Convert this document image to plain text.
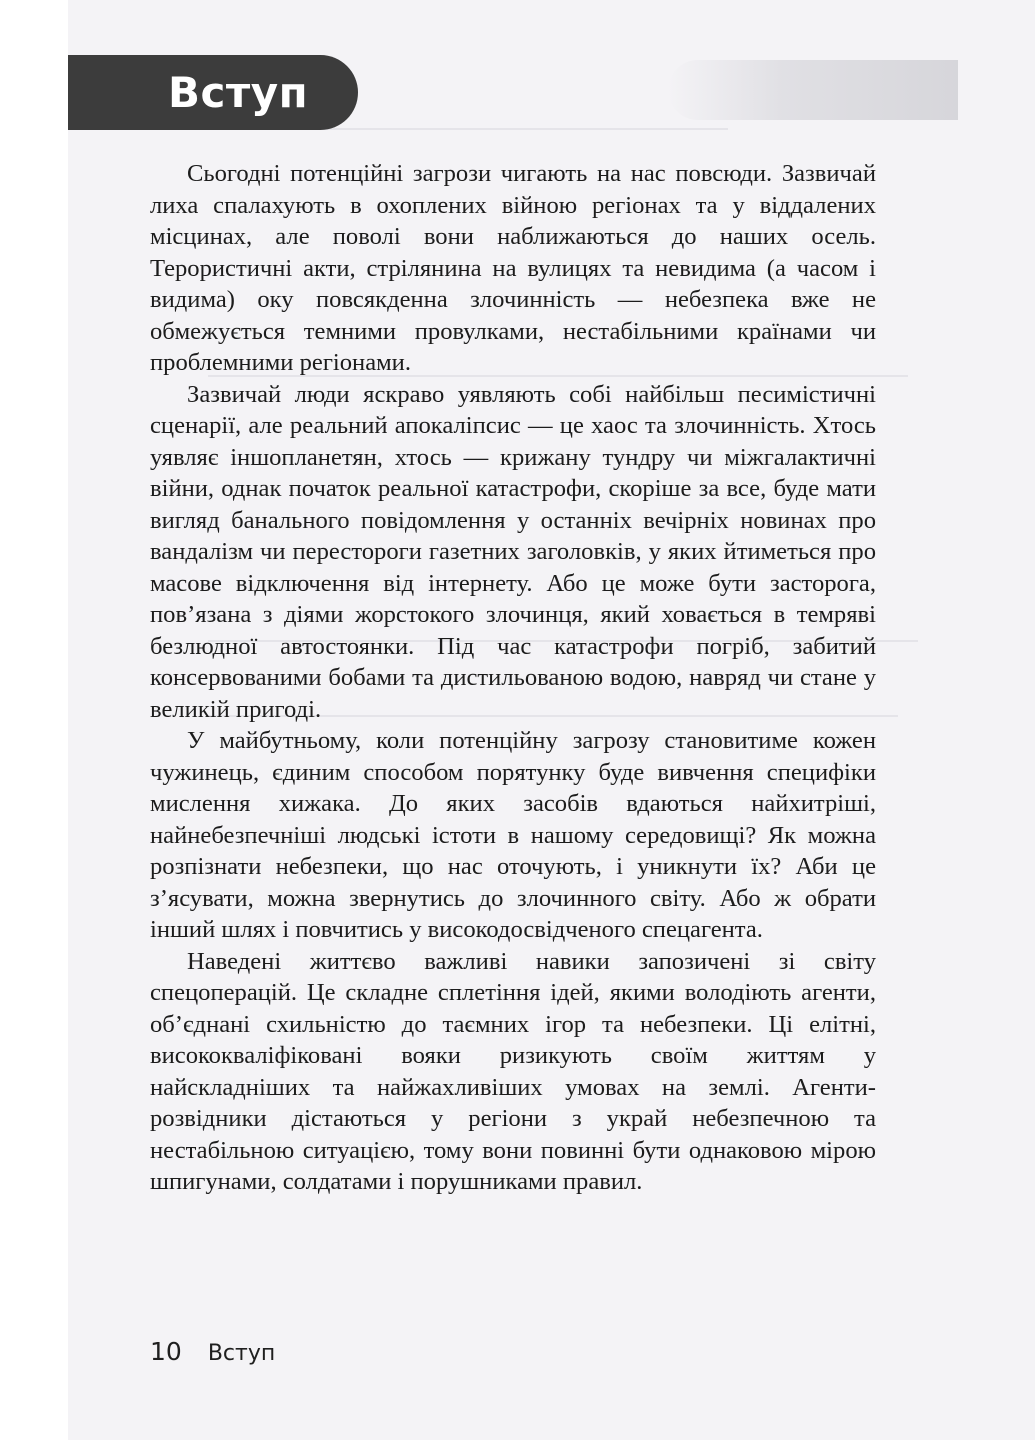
Вступ

Сьогодні потенційні загрози чигають на нас повсюди. Зазвичай лиха спалахують в охоплених війною регіонах та у віддалених місцинах, але поволі вони наближаються до наших осель. Терористичні акти, стрілянина на вулицях та невидима (а часом і видима) оку повсякденна злочинність — небезпека вже не обмежується темними провулками, нестабільними країнами чи проблемними регіонами.

Зазвичай люди яскраво уявляють собі найбільш песимістичні сценарії, але реальний апокаліпсис — це хаос та злочинність. Хтось уявляє іншопланетян, хтось — крижану тундру чи міжгалактичні війни, однак початок реальної катастрофи, скоріше за все, буде мати вигляд банального повідомлення у останніх вечірніх новинах про вандалізм чи перестороги газетних заголовків, у яких йтиметься про масове відключення від інтернету. Або це може бути засторога, пов’язана з діями жорстокого злочинця, який ховається в темряві безлюдної автостоянки. Під час катастрофи погріб, забитий консервованими бобами та дистильованою водою, навряд чи стане у великій пригоді.

У майбутньому, коли потенційну загрозу становитиме кожен чужинець, єдиним способом порятунку буде вивчення специфіки мислення хижака. До яких засобів вдаються найхитріші, найнебезпечніші людські істоти в нашому середовищі? Як можна розпізнати небезпеки, що нас оточують, і уникнути їх? Аби це з’ясувати, можна звернутись до злочинного світу. Або ж обрати інший шлях і повчитись у високодосвідченого спецагента.

Наведені життєво важливі навики запозичені зі світу спецоперацій. Це складне сплетіння ідей, якими володіють агенти, об’єднані схильністю до таємних ігор та небезпеки. Ці елітні, висококваліфіковані вояки ризикують своїм життям у найскладніших та найжахливіших умовах на землі. Агенти-розвідники дістаються у регіони з украй небезпечною та нестабільною ситуацією, тому вони повинні бути однаковою мірою шпигунами, солдатами і порушниками правил.

10 Вступ
